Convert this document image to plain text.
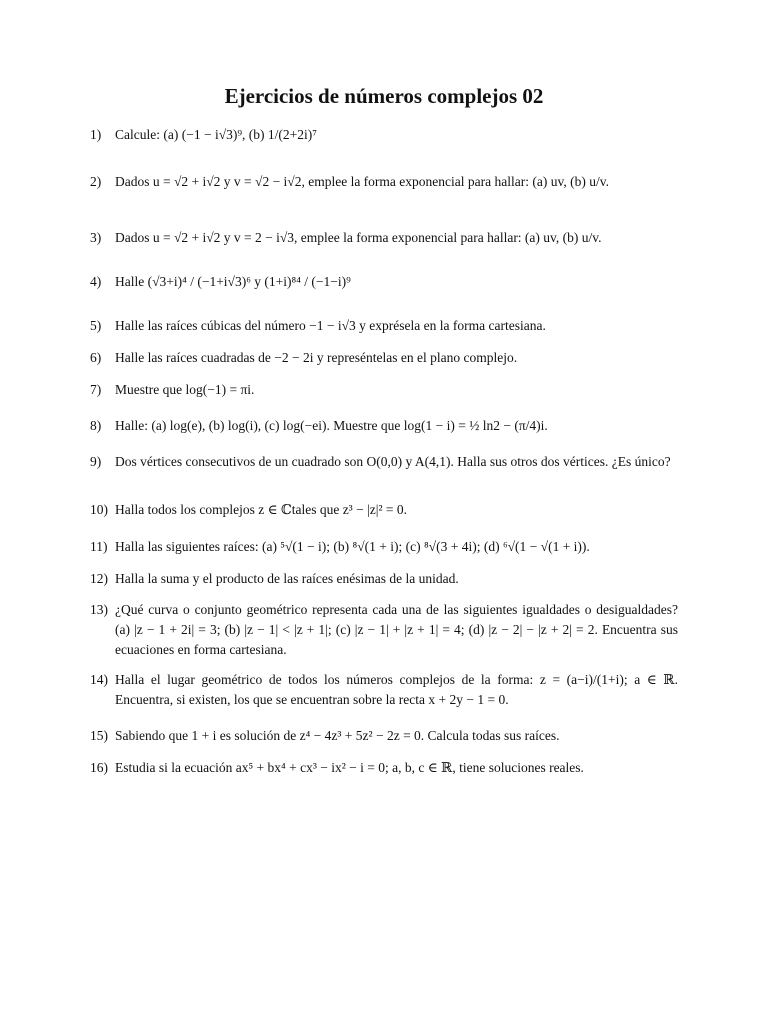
Ejercicios de números complejos 02
1) Calcule: (a) (−1 − i√3)⁹, (b) 1/(2+2i)⁷
2) Dados u = √2 + i√2 y v = √2 − i√2, emplee la forma exponencial para hallar: (a) uv, (b) u/v.
3) Dados u = √2 + i√2 y v = 2 − i√3, emplee la forma exponencial para hallar: (a) uv, (b) u/v.
4) Halle (√3+i)⁴ / (−1+i√3)⁶ y (1+i)⁸⁴ / (−1−i)⁹
5) Halle las raíces cúbicas del número −1 − i√3 y exprésela en la forma cartesiana.
6) Halle las raíces cuadradas de −2 − 2i y represéntelas en el plano complejo.
7) Muestre que log(−1) = πi.
8) Halle: (a) log(e), (b) log(i), (c) log(−ei). Muestre que log(1 − i) = ½ ln2 − (π/4)i.
9) Dos vértices consecutivos de un cuadrado son O(0,0) y A(4,1). Halla sus otros dos vértices. ¿Es único?
10) Halla todos los complejos z ∈ ℂtales que z³ − |z|² = 0.
11) Halla las siguientes raíces: (a) ⁵√(1 − i); (b) ⁸√(1 + i); (c) ⁸√(3 + 4i); (d) ⁶√(1 − √(1 + i)).
12) Halla la suma y el producto de las raíces enésimas de la unidad.
13) ¿Qué curva o conjunto geométrico representa cada una de las siguientes igualdades o desigualdades? (a) |z − 1 + 2i| = 3; (b) |z − 1| < |z + 1|; (c) |z − 1| + |z + 1| = 4; (d) |z − 2| − |z + 2| = 2. Encuentra sus ecuaciones en forma cartesiana.
14) Halla el lugar geométrico de todos los números complejos de la forma: z = (a−i)/(1+i); a ∈ ℝ. Encuentra, si existen, los que se encuentran sobre la recta x + 2y − 1 = 0.
15) Sabiendo que 1 + i es solución de z⁴ − 4z³ + 5z² − 2z = 0. Calcula todas sus raíces.
16) Estudia si la ecuación ax⁵ + bx⁴ + cx³ − ix² − i = 0; a, b, c ∈ ℝ, tiene soluciones reales.
